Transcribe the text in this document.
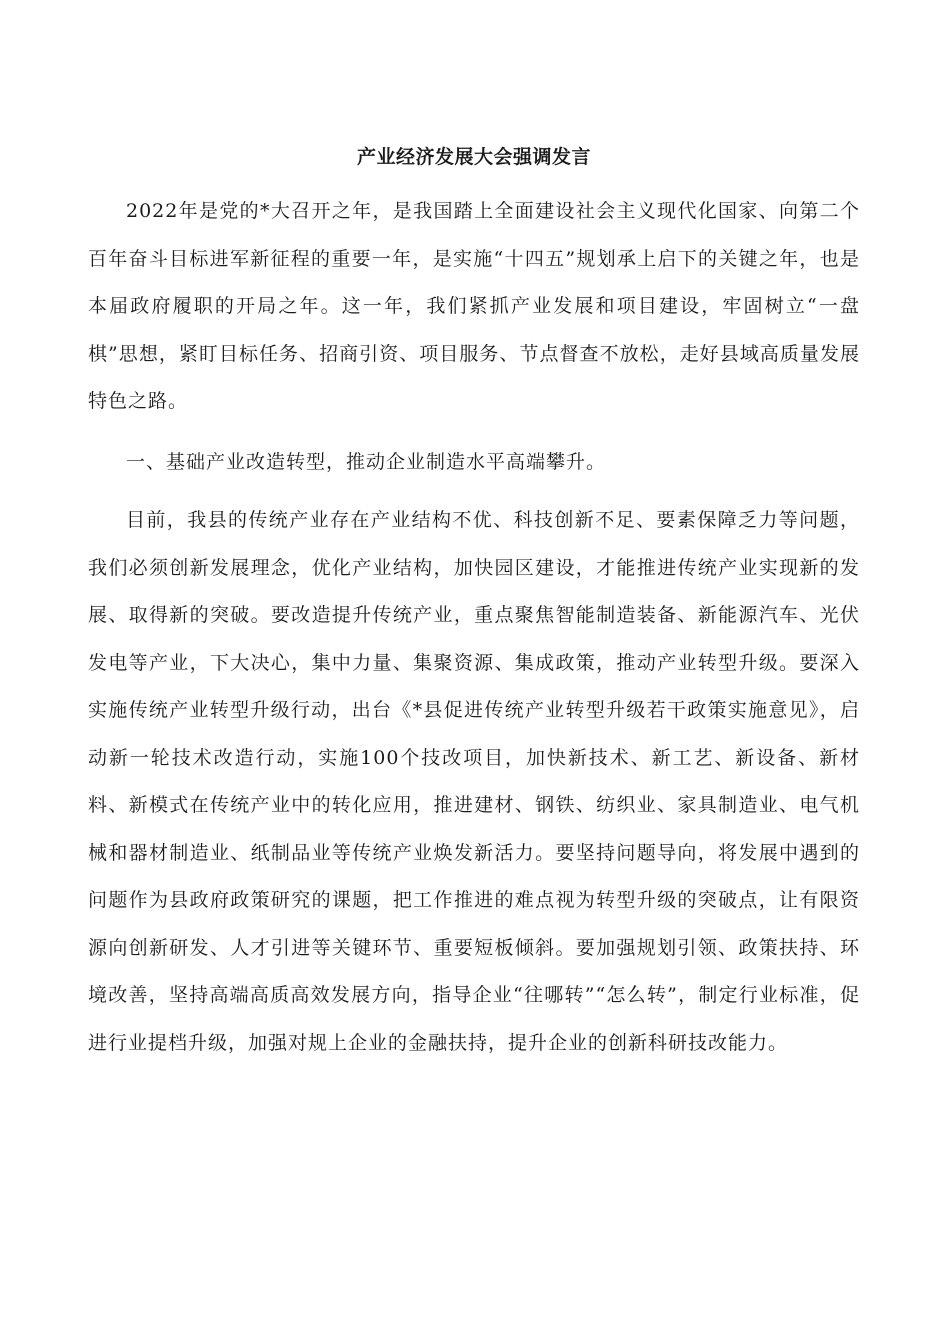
产业经济发展大会强调发言

2022年是党的*大召开之年，是我国踏上全面建设社会主义现代化国家、向第二个百年奋斗目标进军新征程的重要一年，是实施“十四五”规划承上启下的关键之年，也是本届政府履职的开局之年。这一年，我们紧抓产业发展和项目建设，牢固树立“一盘棋”思想，紧盯目标任务、招商引资、项目服务、节点督查不放松，走好县域高质量发展特色之路。

一、基础产业改造转型，推动企业制造水平高端攀升。

目前，我县的传统产业存在产业结构不优、科技创新不足、要素保障乏力等问题，我们必须创新发展理念，优化产业结构，加快园区建设，才能推进传统产业实现新的发展、取得新的突破。要改造提升传统产业，重点聚焦智能制造装备、新能源汽车、光伏发电等产业，下大决心，集中力量、集聚资源、集成政策，推动产业转型升级。要深入实施传统产业转型升级行动，出台《*县促进传统产业转型升级若干政策实施意见》，启动新一轮技术改造行动，实施100个技改项目，加快新技术、新工艺、新设备、新材料、新模式在传统产业中的转化应用，推进建材、钢铁、纺织业、家具制造业、电气机械和器材制造业、纸制品业等传统产业焕发新活力。要坚持问题导向，将发展中遇到的问题作为县政府政策研究的课题，把工作推进的难点视为转型升级的突破点，让有限资源向创新研发、人才引进等关键环节、重要短板倾斜。要加强规划引领、政策扶持、环境改善，坚持高端高质高效发展方向，指导企业“往哪转”“怎么转”，制定行业标准，促进行业提档升级，加强对规上企业的金融扶持，提升企业的创新科研技改能力。
